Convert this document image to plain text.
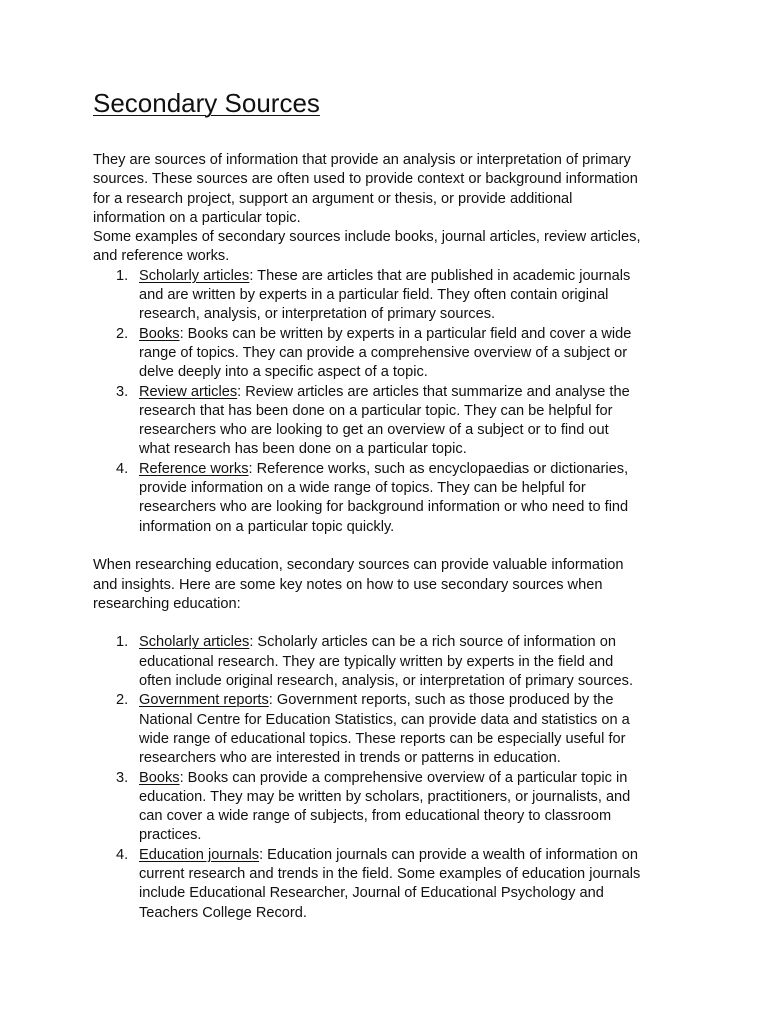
Secondary Sources
They are sources of information that provide an analysis or interpretation of primary
sources. These sources are often used to provide context or background information
for a research project, support an argument or thesis, or provide additional
information on a particular topic.
Some examples of secondary sources include books, journal articles, review articles,
and reference works.
1. Scholarly articles: These are articles that are published in academic journals
and are written by experts in a particular field. They often contain original
research, analysis, or interpretation of primary sources.
2. Books: Books can be written by experts in a particular field and cover a wide
range of topics. They can provide a comprehensive overview of a subject or
delve deeply into a specific aspect of a topic.
3. Review articles: Review articles are articles that summarize and analyse the
research that has been done on a particular topic. They can be helpful for
researchers who are looking to get an overview of a subject or to find out
what research has been done on a particular topic.
4. Reference works: Reference works, such as encyclopaedias or dictionaries,
provide information on a wide range of topics. They can be helpful for
researchers who are looking for background information or who need to find
information on a particular topic quickly.
When researching education, secondary sources can provide valuable information
and insights. Here are some key notes on how to use secondary sources when
researching education:
1. Scholarly articles: Scholarly articles can be a rich source of information on
educational research. They are typically written by experts in the field and
often include original research, analysis, or interpretation of primary sources.
2. Government reports: Government reports, such as those produced by the
National Centre for Education Statistics, can provide data and statistics on a
wide range of educational topics. These reports can be especially useful for
researchers who are interested in trends or patterns in education.
3. Books: Books can provide a comprehensive overview of a particular topic in
education. They may be written by scholars, practitioners, or journalists, and
can cover a wide range of subjects, from educational theory to classroom
practices.
4. Education journals: Education journals can provide a wealth of information on
current research and trends in the field. Some examples of education journals
include Educational Researcher, Journal of Educational Psychology and
Teachers College Record.
